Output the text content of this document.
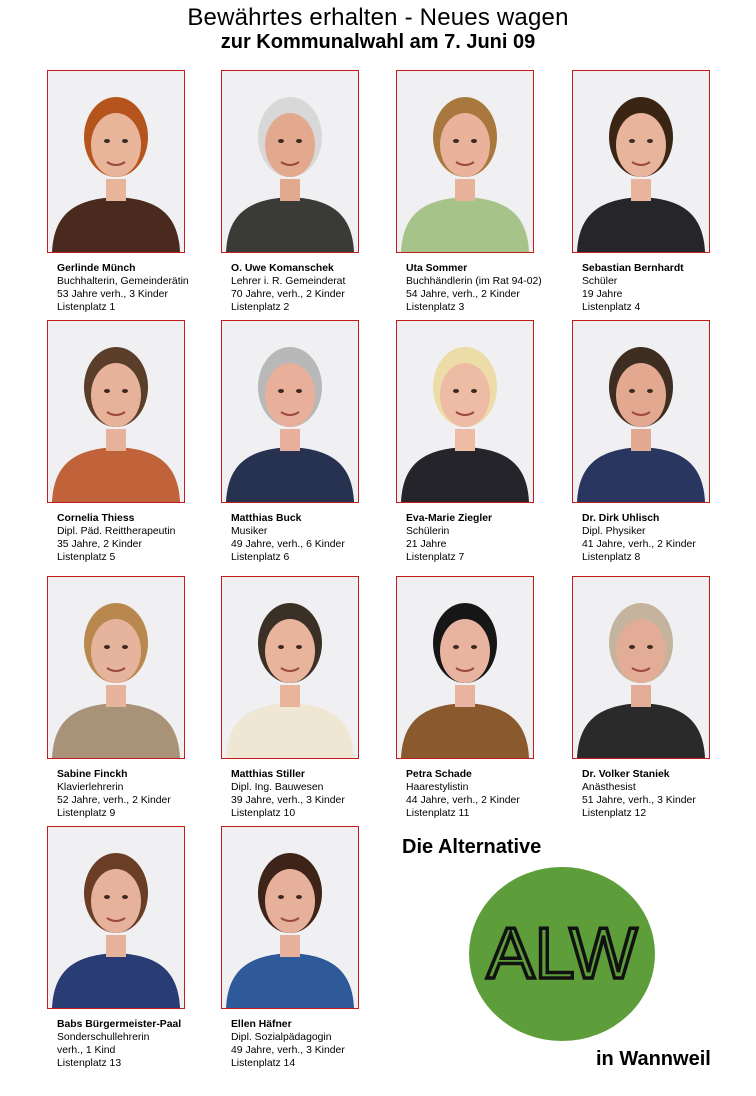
Bewährtes erhalten - Neues wagen
zur Kommunalwahl am 7. Juni 09
Gerlinde Münch
Buchhalterin, Gemeinderätin
53 Jahre verh., 3 Kinder
Listenplatz 1
O. Uwe Komanschek
Lehrer i. R. Gemeinderat
70 Jahre, verh., 2 Kinder
Listenplatz 2
Uta Sommer
Buchhändlerin (im Rat 94-02)
54 Jahre, verh., 2 Kinder
Listenplatz 3
Sebastian Bernhardt
Schüler
19 Jahre
Listenplatz 4
Cornelia Thiess
Dipl. Päd. Reittherapeutin
35 Jahre, 2 Kinder
Listenplatz 5
Matthias Buck
Musiker
49 Jahre, verh., 6 Kinder
Listenplatz 6
Eva-Marie Ziegler
Schülerin
21 Jahre
Listenplatz 7
Dr. Dirk Uhlisch
Dipl. Physiker
41 Jahre, verh., 2 Kinder
Listenplatz 8
Sabine Finckh
Klavierlehrerin
52 Jahre, verh., 2 Kinder
Listenplatz 9
Matthias Stiller
Dipl. Ing. Bauwesen
39 Jahre, verh., 3 Kinder
Listenplatz 10
Petra Schade
Haarestylistin
44 Jahre, verh., 2 Kinder
Listenplatz 11
Dr. Volker Staniek
Anästhesist
51 Jahre, verh., 3 Kinder
Listenplatz 12
Babs Bürgermeister-Paal
Sonderschullehrerin
verh., 1 Kind
Listenplatz 13
Ellen Häfner
Dipl. Sozialpädagogin
49 Jahre, verh., 3 Kinder
Listenplatz 14

Die Alternative

ALW

in Wannweil
